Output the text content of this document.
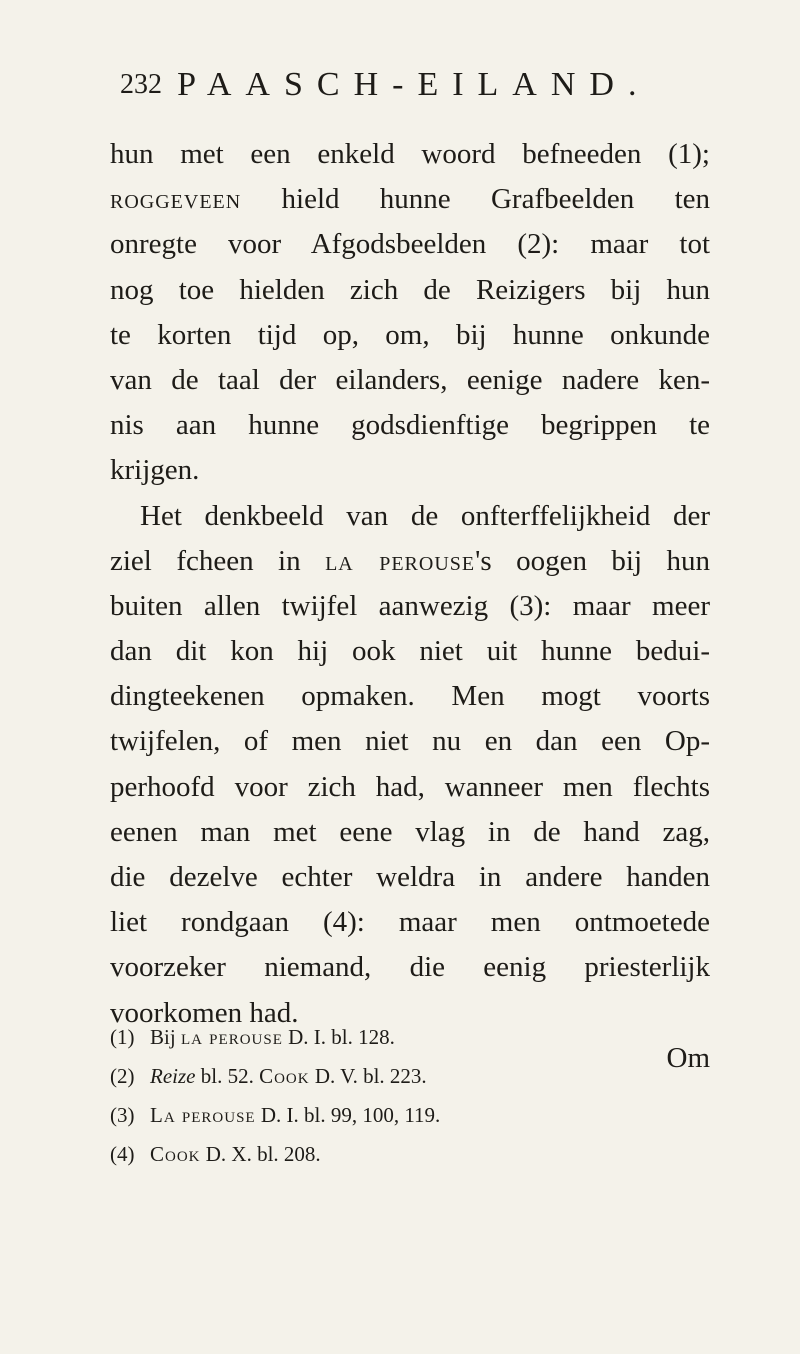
232 PAASCH-EILAND.
hun met een enkeld woord befneeden (1);
roggeveen hield hunne Grafbeelden ten
onregte voor Afgodsbeelden (2): maar tot
nog toe hielden zich de Reizigers bij hun
te korten tijd op, om, bij hunne onkunde
van de taal der eilanders, eenige nadere ken-
nis aan hunne godsdienftige begrippen te
krijgen.
Het denkbeeld van de onfterffelijkheid der
ziel fcheen in la perouse's oogen bij hun
buiten allen twijfel aanwezig (3): maar meer
dan dit kon hij ook niet uit hunne bedui-
dingteekenen opmaken. Men mogt voorts
twijfelen, of men niet nu en dan een Op-
perhoofd voor zich had, wanneer men flechts
eenen man met eene vlag in de hand zag,
die dezelve echter weldra in andere handen
liet rondgaan (4): maar men ontmoetede
voorzeker niemand, die eenig priesterlijk
voorkomen had.
Om
(1) Bij la perouse D. I. bl. 128.
(2) Reize bl. 52. Cook D. V. bl. 223.
(3) La perouse D. I. bl. 99, 100, 119.
(4) Cook D. X. bl. 208.
